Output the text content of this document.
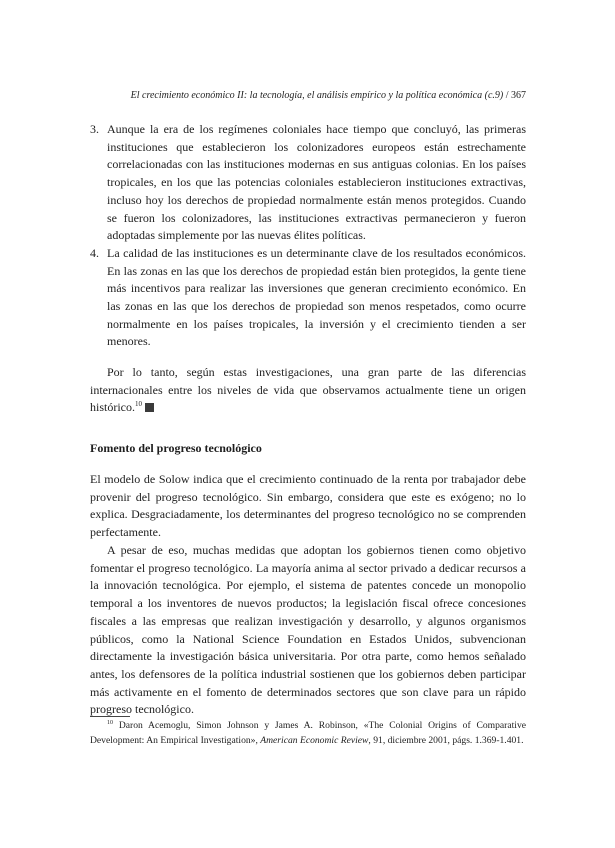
El crecimiento económico II: la tecnología, el análisis empírico y la política económica (c.9) / 367
3. Aunque la era de los regímenes coloniales hace tiempo que concluyó, las primeras instituciones que establecieron los colonizadores europeos están estrechamente correlacionadas con las instituciones modernas en sus antiguas colonias. En los países tropicales, en los que las potencias coloniales establecieron instituciones extractivas, incluso hoy los derechos de propiedad normalmente están menos protegidos. Cuando se fueron los colonizadores, las instituciones extractivas permanecieron y fueron adoptadas simplemente por las nuevas élites políticas.
4. La calidad de las instituciones es un determinante clave de los resultados económicos. En las zonas en las que los derechos de propiedad están bien protegidos, la gente tiene más incentivos para realizar las inversiones que generan crecimiento económico. En las zonas en las que los derechos de propiedad son menos respetados, como ocurre normalmente en los países tropicales, la inversión y el crecimiento tienden a ser menores.

Por lo tanto, según estas investigaciones, una gran parte de las diferencias internacionales entre los niveles de vida que observamos actualmente tiene un origen histórico.$^{10}$

Fomento del progreso tecnológico

El modelo de Solow indica que el crecimiento continuado de la renta por trabajador debe provenir del progreso tecnológico. Sin embargo, considera que este es exógeno; no lo explica. Desgraciadamente, los determinantes del progreso tecnológico no se comprenden perfectamente.

A pesar de eso, muchas medidas que adoptan los gobiernos tienen como objetivo fomentar el progreso tecnológico. La mayoría anima al sector privado a dedicar recursos a la innovación tecnológica. Por ejemplo, el sistema de patentes concede un monopolio temporal a los inventores de nuevos productos; la legislación fiscal ofrece concesiones fiscales a las empresas que realizan investigación y desarrollo, y algunos organismos públicos, como la National Science Foundation en Estados Unidos, subvencionan directamente la investigación básica universitaria. Por otra parte, como hemos señalado antes, los defensores de la política industrial sostienen que los gobiernos deben participar más activamente en el fomento de determinados sectores que son clave para un rápido progreso tecnológico.

$^{10}$ Daron Acemoglu, Simon Johnson y James A. Robinson, «The Colonial Origins of Comparative Development: An Empirical Investigation», American Economic Review, 91, diciembre 2001, págs. 1.369-1.401.
